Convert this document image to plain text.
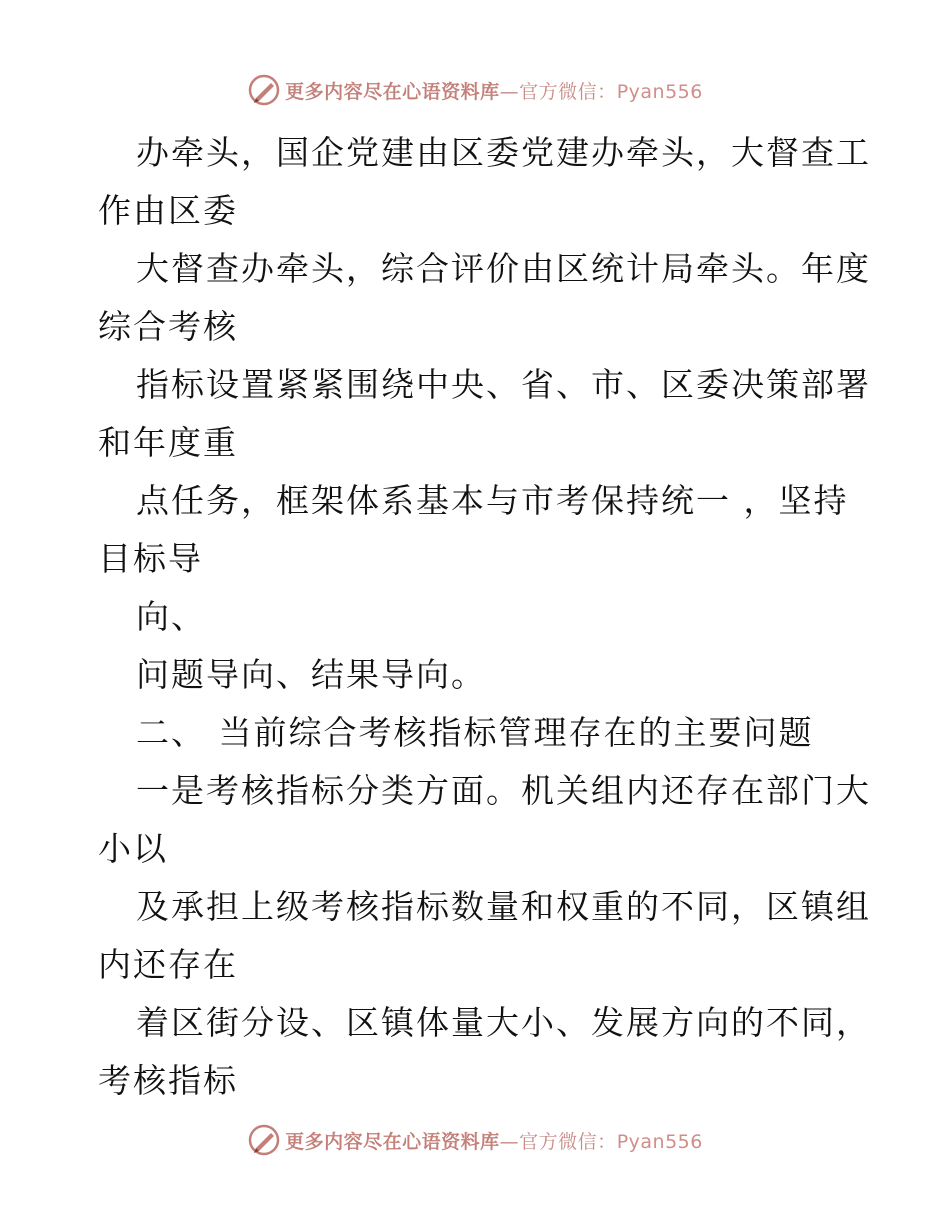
更多内容尽在心语资料库—官方微信：Pyan556
办牵头，国企党建由区委党建办牵头，大督查工
作由区委
大督查办牵头，综合评价由区统计局牵头。年度
综合考核
指标设置紧紧围绕中央、省、市、区委决策部署
和年度重
点任务，框架体系基本与市考保持统一 ，坚持
目标导
向、
问题导向、结果导向。
二、 当前综合考核指标管理存在的主要问题
一是考核指标分类方面。机关组内还存在部门大
小以
及承担上级考核指标数量和权重的不同，区镇组
内还存在
着区街分设、区镇体量大小、发展方向的不同，
考核指标
更多内容尽在心语资料库—官方微信：Pyan556
